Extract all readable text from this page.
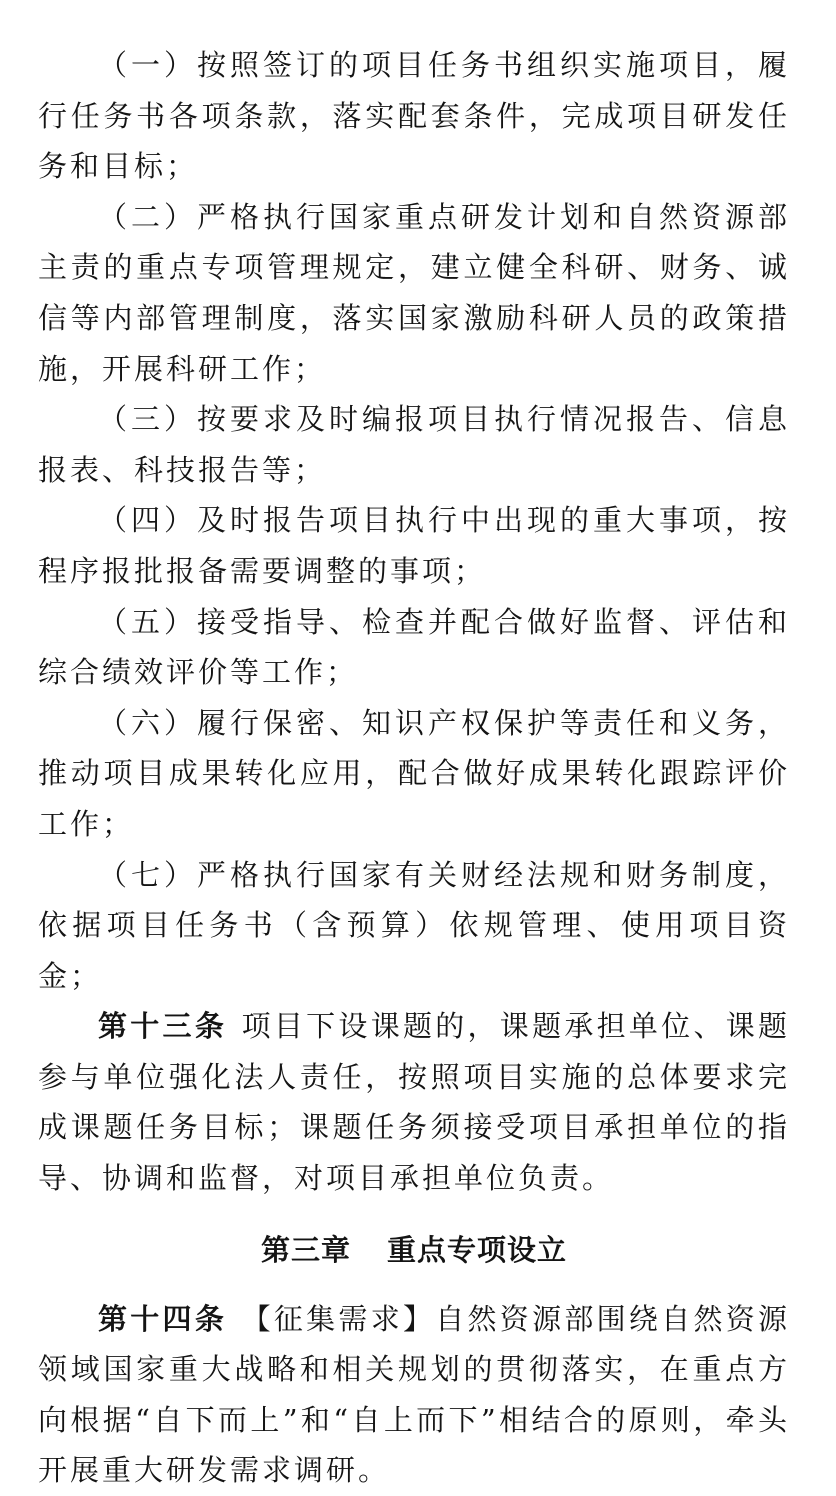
（一）按照签订的项目任务书组织实施项目，履行任务书各项条款，落实配套条件，完成项目研发任务和目标；

（二）严格执行国家重点研发计划和自然资源部主责的重点专项管理规定，建立健全科研、财务、诚信等内部管理制度，落实国家激励科研人员的政策措施，开展科研工作；

（三）按要求及时编报项目执行情况报告、信息报表、科技报告等；

（四）及时报告项目执行中出现的重大事项，按程序报批报备需要调整的事项；

（五）接受指导、检查并配合做好监督、评估和综合绩效评价等工作；

（六）履行保密、知识产权保护等责任和义务，推动项目成果转化应用，配合做好成果转化跟踪评价工作；

（七）严格执行国家有关财经法规和财务制度，依据项目任务书（含预算）依规管理、使用项目资金；

第十三条 项目下设课题的，课题承担单位、课题参与单位强化法人责任，按照项目实施的总体要求完成课题任务目标；课题任务须接受项目承担单位的指导、协调和监督，对项目承担单位负责。

第三章 重点专项设立

第十四条 【征集需求】自然资源部围绕自然资源领域国家重大战略和相关规划的贯彻落实，在重点方向根据“自下而上”和“自上而下”相结合的原则，牵头开展重大研发需求调研。
